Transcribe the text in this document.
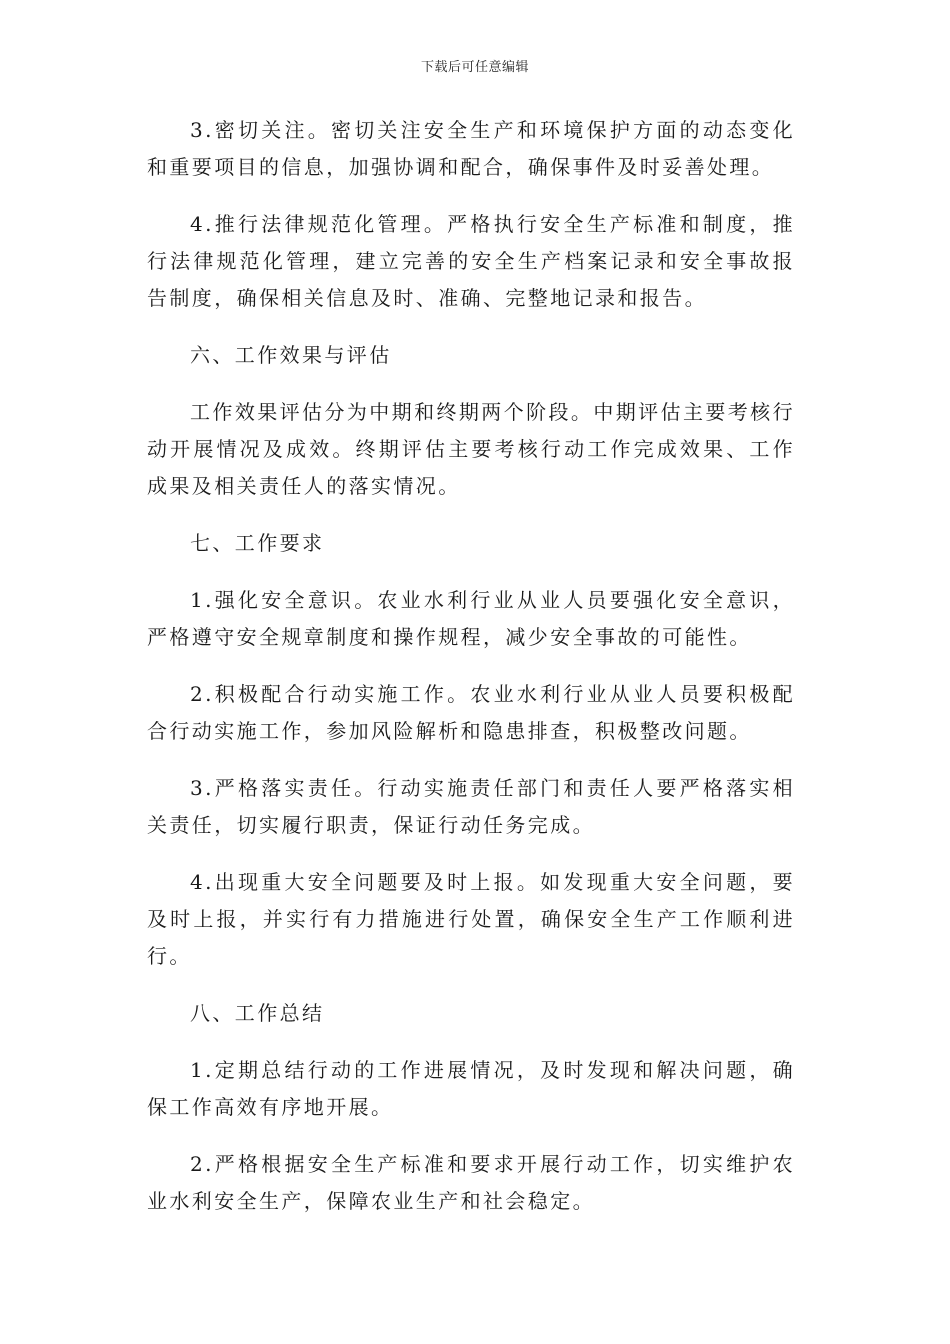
下载后可任意编辑

3.密切关注。密切关注安全生产和环境保护方面的动态变化和重要项目的信息，加强协调和配合，确保事件及时妥善处理。

4.推行法律规范化管理。严格执行安全生产标准和制度，推行法律规范化管理，建立完善的安全生产档案记录和安全事故报告制度，确保相关信息及时、准确、完整地记录和报告。

六、工作效果与评估

工作效果评估分为中期和终期两个阶段。中期评估主要考核行动开展情况及成效。终期评估主要考核行动工作完成效果、工作成果及相关责任人的落实情况。

七、工作要求

1.强化安全意识。农业水利行业从业人员要强化安全意识，严格遵守安全规章制度和操作规程，减少安全事故的可能性。

2.积极配合行动实施工作。农业水利行业从业人员要积极配合行动实施工作，参加风险解析和隐患排查，积极整改问题。

3.严格落实责任。行动实施责任部门和责任人要严格落实相关责任，切实履行职责，保证行动任务完成。

4.出现重大安全问题要及时上报。如发现重大安全问题，要及时上报，并实行有力措施进行处置，确保安全生产工作顺利进行。

八、工作总结

1.定期总结行动的工作进展情况，及时发现和解决问题，确保工作高效有序地开展。

2.严格根据安全生产标准和要求开展行动工作，切实维护农业水利安全生产，保障农业生产和社会稳定。
